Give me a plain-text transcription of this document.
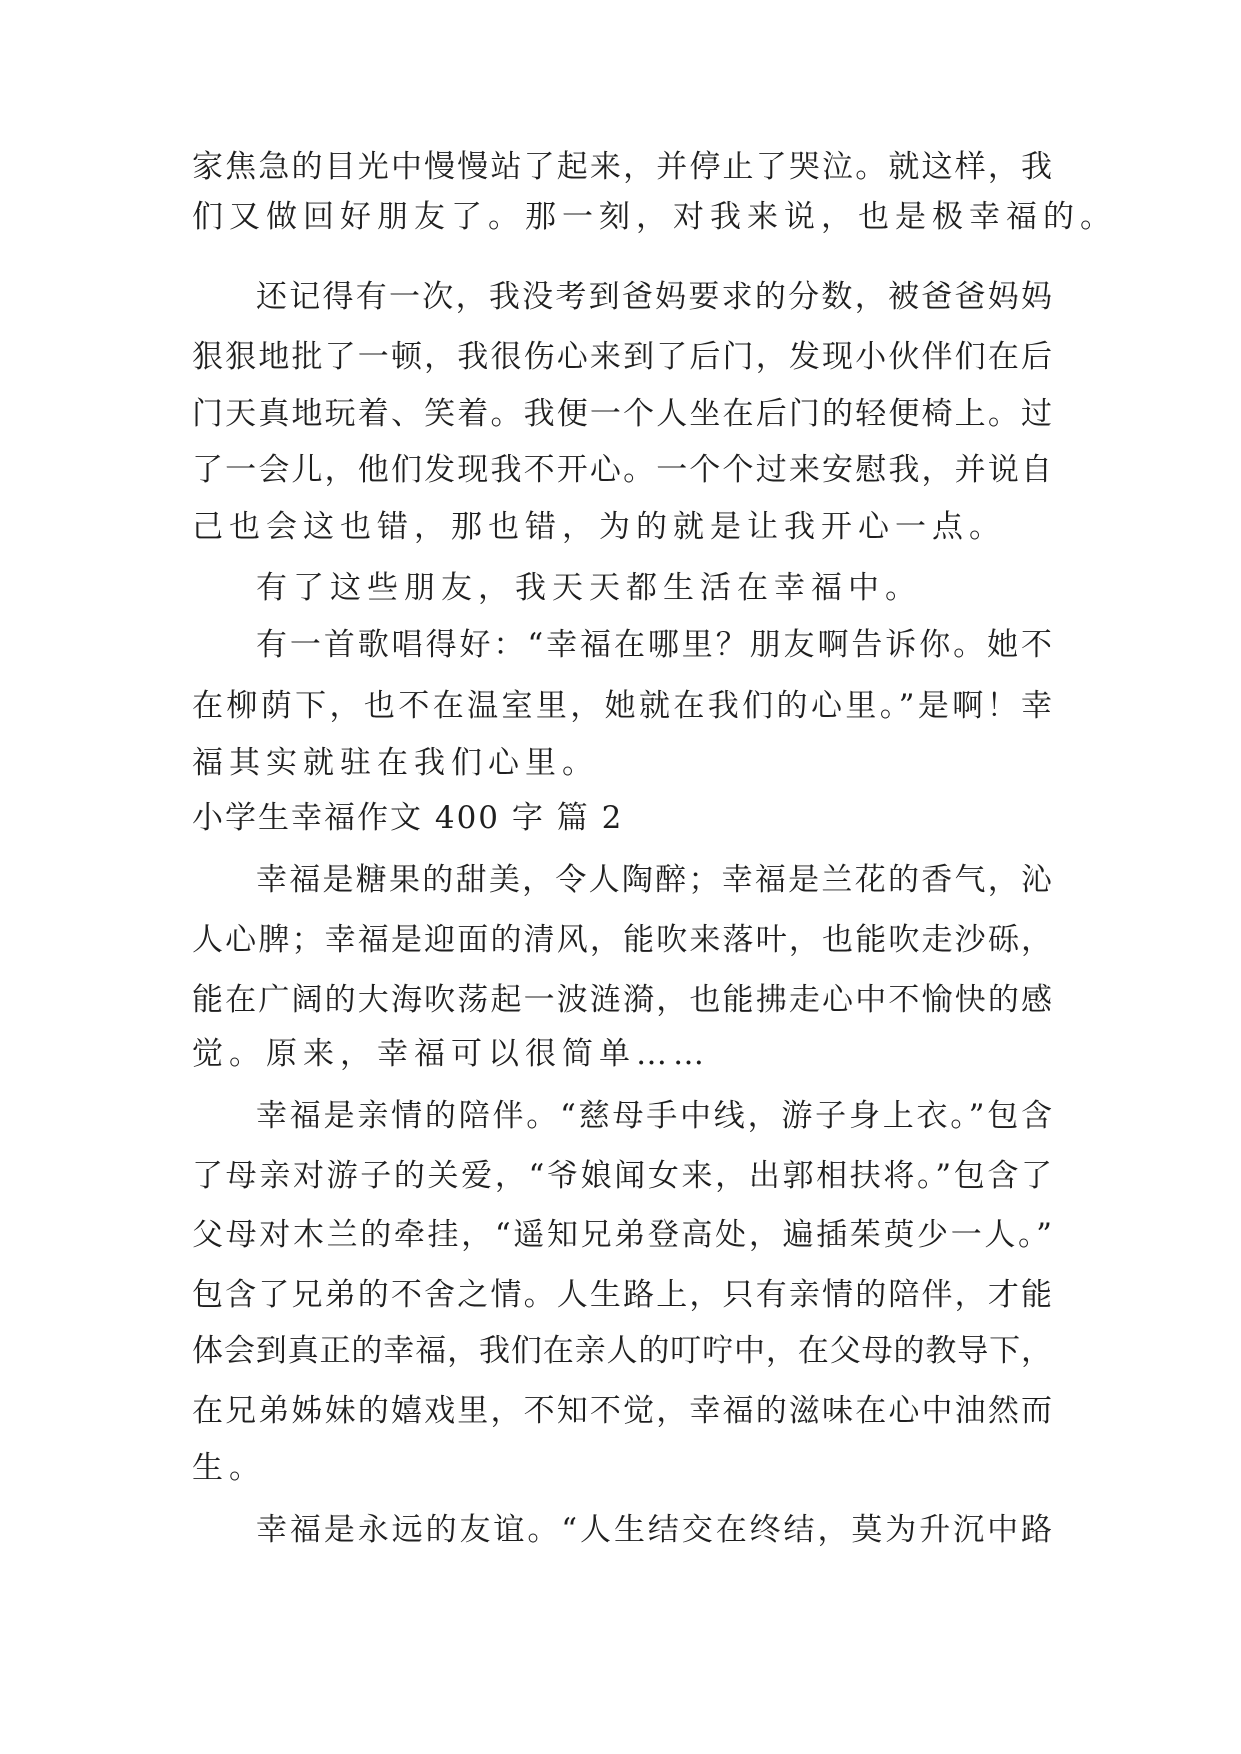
家焦急的目光中慢慢站了起来，并停止了哭泣。就这样，我
们又做回好朋友了。那一刻，对我来说，也是极幸福的。
还记得有一次，我没考到爸妈要求的分数，被爸爸妈妈
狠狠地批了一顿，我很伤心来到了后门，发现小伙伴们在后
门天真地玩着、笑着。我便一个人坐在后门的轻便椅上。过
了一会儿，他们发现我不开心。一个个过来安慰我，并说自
己也会这也错，那也错，为的就是让我开心一点。
有了这些朋友，我天天都生活在幸福中。
有一首歌唱得好：“幸福在哪里？朋友啊告诉你。她不
在柳荫下，也不在温室里，她就在我们的心里。”是啊！幸
福其实就驻在我们心里。
小学生幸福作文 400 字 篇 2
幸福是糖果的甜美，令人陶醉；幸福是兰花的香气，沁
人心脾；幸福是迎面的清风，能吹来落叶，也能吹走沙砾，
能在广阔的大海吹荡起一波涟漪，也能拂走心中不愉快的感
觉。原来，幸福可以很简单……
幸福是亲情的陪伴。“慈母手中线，游子身上衣。”包含
了母亲对游子的关爱，“爷娘闻女来，出郭相扶将。”包含了
父母对木兰的牵挂，“遥知兄弟登高处，遍插茱萸少一人。”
包含了兄弟的不舍之情。人生路上，只有亲情的陪伴，才能
体会到真正的幸福，我们在亲人的叮咛中，在父母的教导下，
在兄弟姊妹的嬉戏里，不知不觉，幸福的滋味在心中油然而
生。
幸福是永远的友谊。“人生结交在终结，莫为升沉中路
